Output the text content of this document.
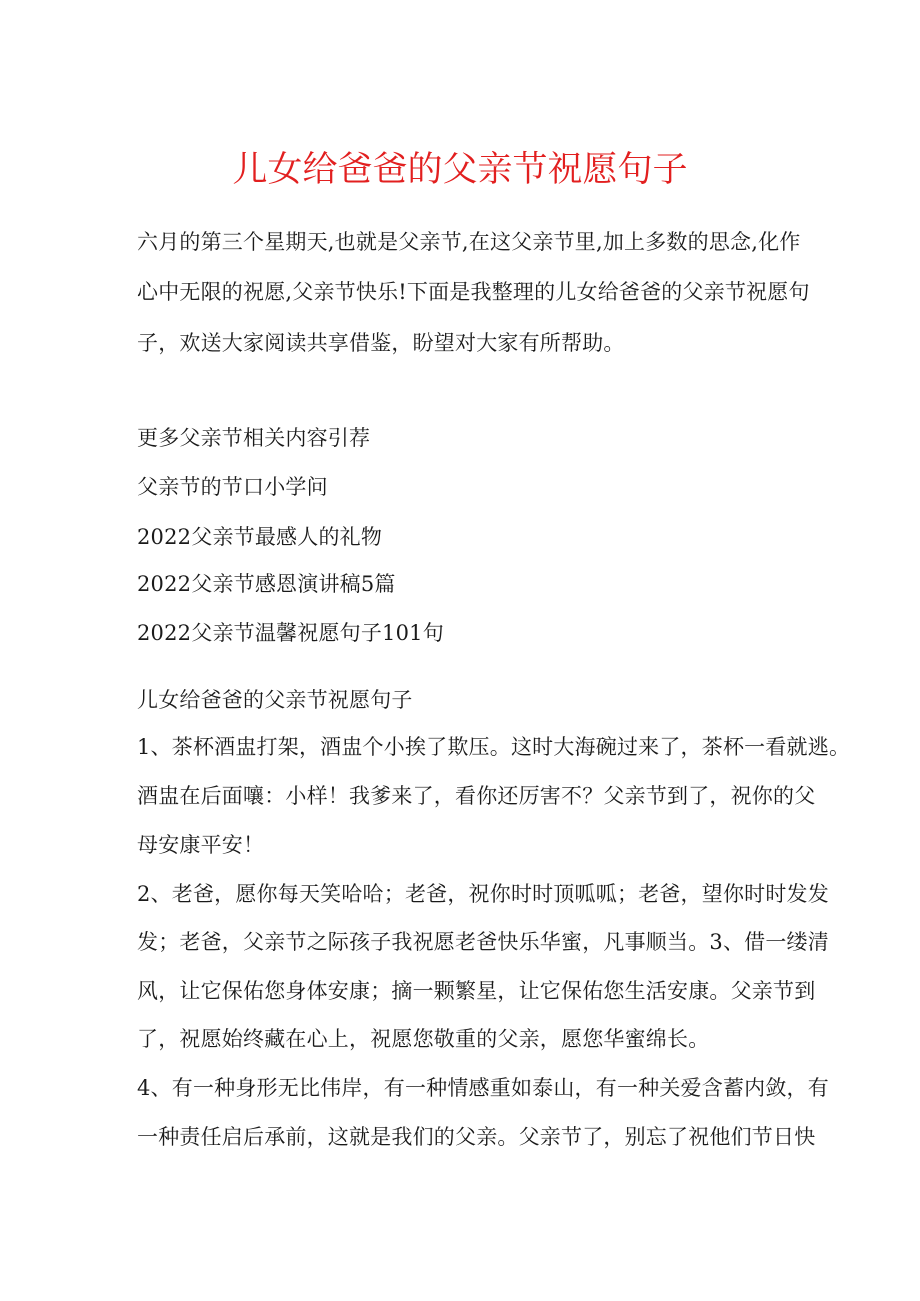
儿女给爸爸的父亲节祝愿句子
六月的第三个星期天,也就是父亲节,在这父亲节里,加上多数的思念,化作
心中无限的祝愿,父亲节快乐!下面是我整理的儿女给爸爸的父亲节祝愿句
子，欢送大家阅读共享借鉴，盼望对大家有所帮助。
更多父亲节相关内容引荐
父亲节的节口小学问
2022父亲节最感人的礼物
2022父亲节感恩演讲稿5篇
2022父亲节温馨祝愿句子101句
儿女给爸爸的父亲节祝愿句子
1、茶杯酒盅打架，酒盅个小挨了欺压。这时大海碗过来了，茶杯一看就逃。
酒盅在后面嚷：小样！我爹来了，看你还厉害不？父亲节到了，祝你的父
母安康平安！
2、老爸，愿你每天笑哈哈；老爸，祝你时时顶呱呱；老爸，望你时时发发
发；老爸，父亲节之际孩子我祝愿老爸快乐华蜜，凡事顺当。3、借一缕清
风，让它保佑您身体安康；摘一颗繁星，让它保佑您生活安康。父亲节到
了，祝愿始终藏在心上，祝愿您敬重的父亲，愿您华蜜绵长。
4、有一种身形无比伟岸，有一种情感重如泰山，有一种关爱含蓄内敛，有
一种责任启后承前，这就是我们的父亲。父亲节了，别忘了祝他们节日快
